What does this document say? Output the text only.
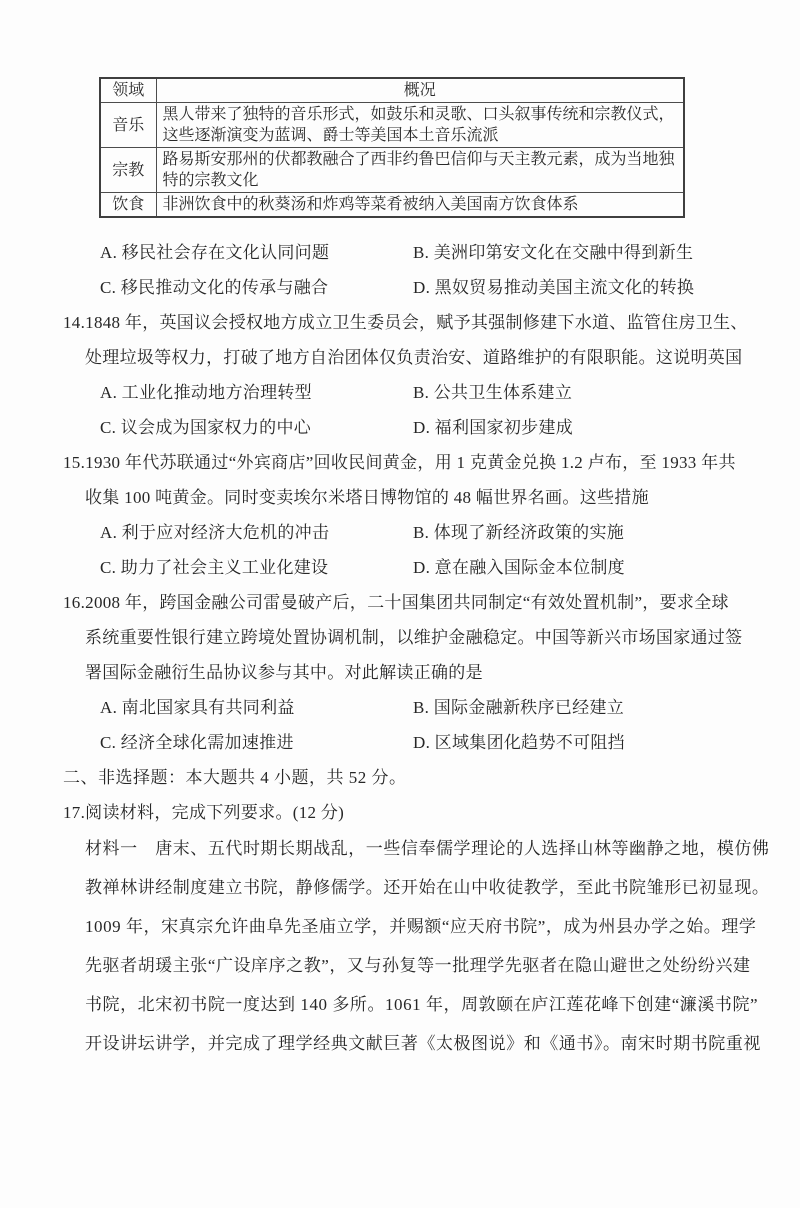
领域	概况
音乐	黑人带来了独特的音乐形式，如鼓乐和灵歌、口头叙事传统和宗教仪式，这些逐渐演变为蓝调、爵士等美国本土音乐流派
宗教	路易斯安那州的伏都教融合了西非约鲁巴信仰与天主教元素，成为当地独特的宗教文化
饮食	非洲饮食中的秋葵汤和炸鸡等菜肴被纳入美国南方饮食体系
A. 移民社会存在文化认同问题	B. 美洲印第安文化在交融中得到新生
C. 移民推动文化的传承与融合	D. 黑奴贸易推动美国主流文化的转换
14.1848 年，英国议会授权地方成立卫生委员会，赋予其强制修建下水道、监管住房卫生、
处理垃圾等权力，打破了地方自治团体仅负责治安、道路维护的有限职能。这说明英国
A. 工业化推动地方治理转型	B. 公共卫生体系建立
C. 议会成为国家权力的中心	D. 福利国家初步建成
15.1930 年代苏联通过“外宾商店”回收民间黄金，用 1 克黄金兑换 1.2 卢布，至 1933 年共
收集 100 吨黄金。同时变卖埃尔米塔日博物馆的 48 幅世界名画。这些措施
A. 利于应对经济大危机的冲击	B. 体现了新经济政策的实施
C. 助力了社会主义工业化建设	D. 意在融入国际金本位制度
16.2008 年，跨国金融公司雷曼破产后，二十国集团共同制定“有效处置机制”，要求全球
系统重要性银行建立跨境处置协调机制，以维护金融稳定。中国等新兴市场国家通过签
署国际金融衍生品协议参与其中。对此解读正确的是
A. 南北国家具有共同利益	B. 国际金融新秩序已经建立
C. 经济全球化需加速推进	D. 区域集团化趋势不可阻挡
二、非选择题：本大题共 4 小题，共 52 分。
17.阅读材料，完成下列要求。(12 分)
材料一　唐末、五代时期长期战乱，一些信奉儒学理论的人选择山林等幽静之地，模仿佛
教禅林讲经制度建立书院，静修儒学。还开始在山中收徒教学，至此书院雏形已初显现。
1009 年，宋真宗允许曲阜先圣庙立学，并赐额“应天府书院”，成为州县办学之始。理学
先驱者胡瑗主张“广设庠序之教”，又与孙复等一批理学先驱者在隐山避世之处纷纷兴建
书院，北宋初书院一度达到 140 多所。1061 年，周敦颐在庐江莲花峰下创建“濂溪书院”
开设讲坛讲学，并完成了理学经典文献巨著《太极图说》和《通书》。南宋时期书院重视
